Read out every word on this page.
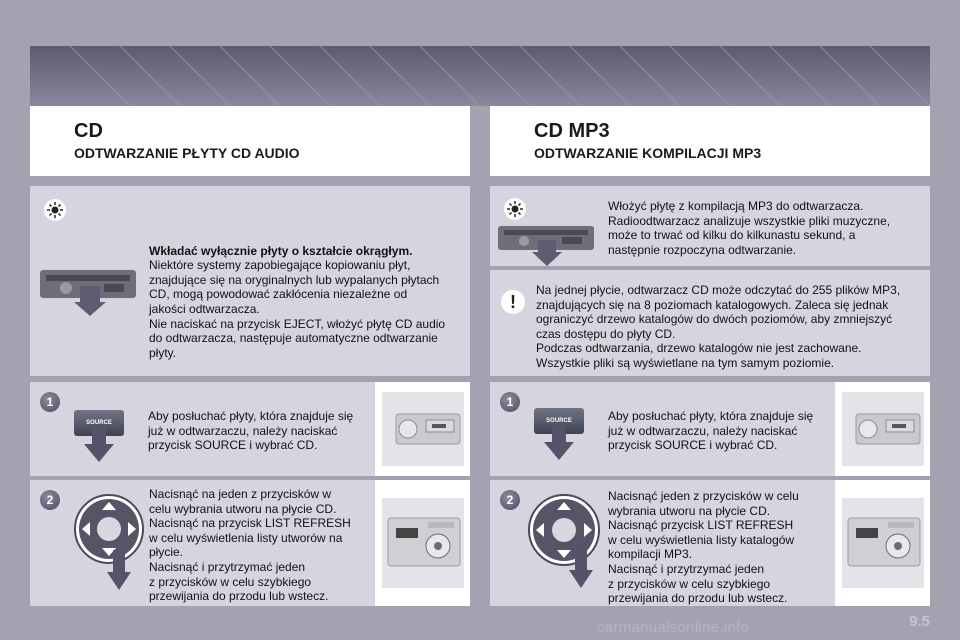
CD
ODTWARZANIE PŁYTY CD AUDIO
CD MP3
ODTWARZANIE KOMPILACJI MP3

Wkładać wyłącznie płyty o kształcie okrągłym.

Niektóre systemy zapobiegające kopiowaniu płyt,
znajdujące się na oryginalnych lub wypalanych płytach
CD, mogą powodować zakłócenia niezależne od
jakości odtwarzacza.
Nie naciskać na przycisk EJECT, włożyć płytę CD audio
do odtwarzacza, następuje automatyczne odtwarzanie
płyty.

1
SOURCE	Aby posłuchać płyty, która znajduje się
już w odtwarzaczu, należy naciskać
przycisk SOURCE i wybrać CD.
2	Nacisnąć na jeden z przycisków w
celu wybrania utworu na płycie CD.
Nacisnąć na przycisk LIST REFRESH
w celu wyświetlenia listy utworów na
płycie.
Nacisnąć i przytrzymać jeden
z przycisków w celu szybkiego
przewijania do przodu lub wstecz.
Włożyć płytę z kompilacją MP3 do odtwarzacza.
Radioodtwarzacz analizuje wszystkie pliki muzyczne,
może to trwać od kilku do kilkunastu sekund, a
następnie rozpoczyna odtwarzanie.
!
Na jednej płycie, odtwarzacz CD może odczytać do 255 plików MP3,
znajdujących się na 8 poziomach katalogowych. Zaleca się jednak
ograniczyć drzewo katalogów do dwóch poziomów, aby zmniejszyć
czas dostępu do płyty CD.
Podczas odtwarzania, drzewo katalogów nie jest zachowane.
Wszystkie pliki są wyświetlane na tym samym poziomie.
1
SOURCE	Aby posłuchać płyty, która znajduje się
już w odtwarzaczu, należy naciskać
przycisk SOURCE i wybrać CD.
2	Nacisnąć jeden z przycisków w celu
wybrania utworu na płycie CD.
Nacisnąć przycisk LIST REFRESH
w celu wyświetlenia listy katalogów
kompilacji MP3.
Nacisnąć i przytrzymać jeden
z przycisków w celu szybkiego
przewijania do przodu lub wstecz.
carmanualsonline.info	9.5
